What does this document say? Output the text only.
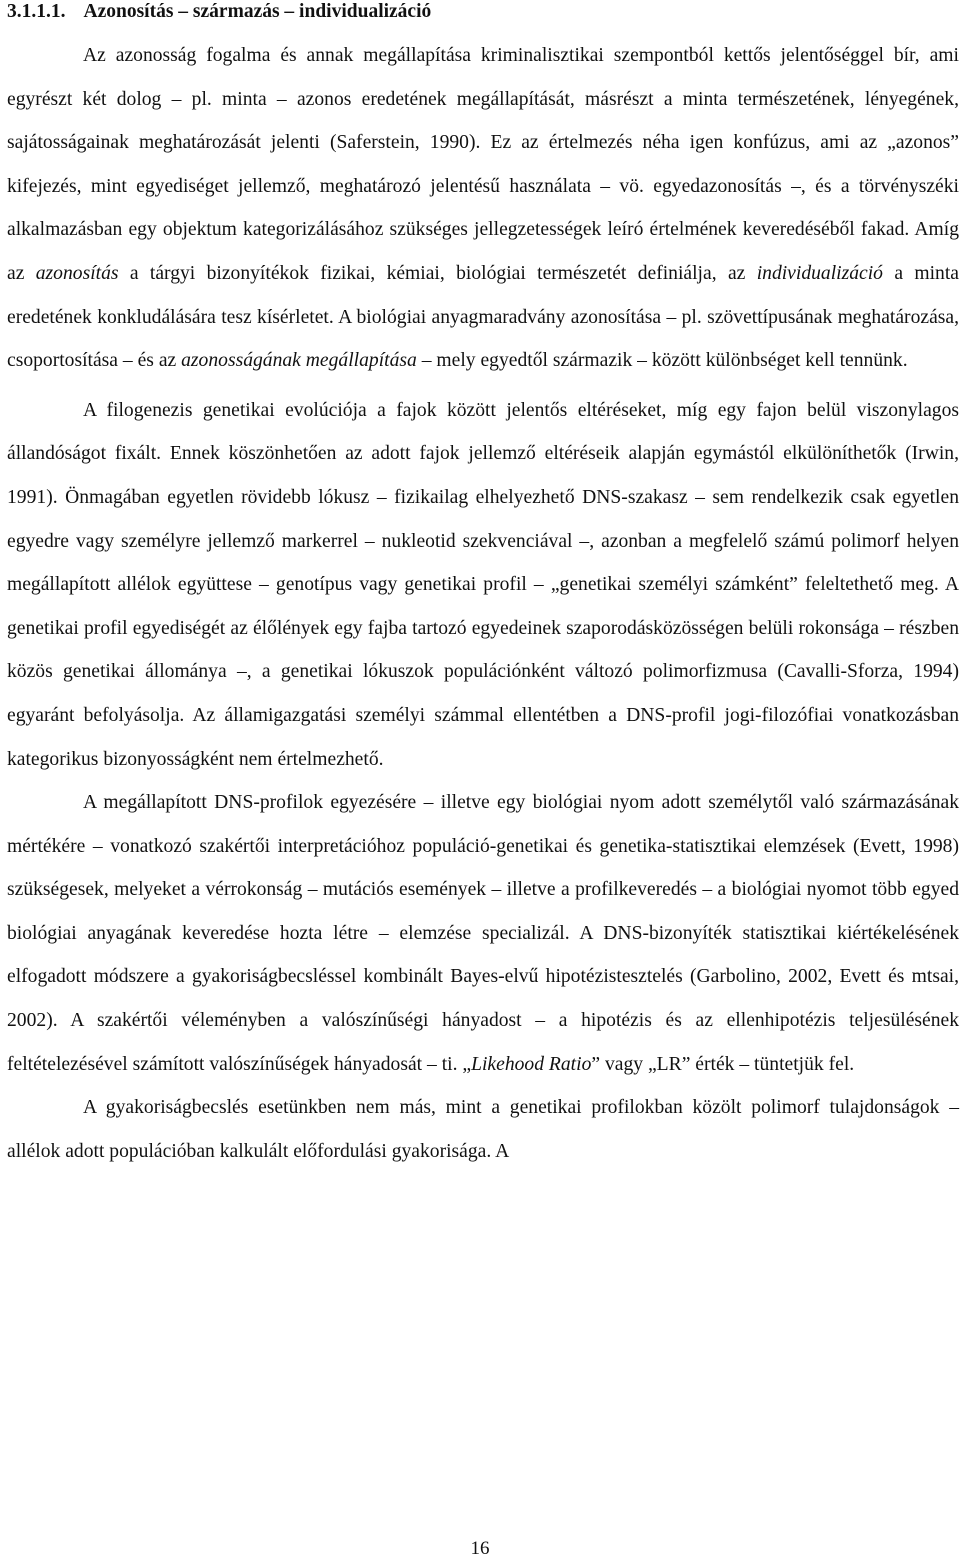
3.1.1.1. Azonosítás – származás – individualizáció

Az azonosság fogalma és annak megállapítása kriminalisztikai szempontból kettős jelentőséggel bír, ami egyrészt két dolog – pl. minta – azonos eredetének megállapítását, másrészt a minta természetének, lényegének, sajátosságainak meghatározását jelenti (Saferstein, 1990). Ez az értelmezés néha igen konfúzus, ami az „azonos” kifejezés, mint egyediséget jellemző, meghatározó jelentésű használata – vö. egyedazonosítás –, és a törvényszéki alkalmazásban egy objektum kategorizálásához szükséges jellegzetességek leíró értelmének keveredéséből fakad. Amíg az azonosítás a tárgyi bizonyítékok fizikai, kémiai, biológiai természetét definiálja, az individualizáció a minta eredetének konkludálására tesz kísérletet. A biológiai anyagmaradvány azonosítása – pl. szövettípusának meghatározása, csoportosítása – és az azonosságának megállapítása – mely egyedtől származik – között különbséget kell tennünk.

A filogenezis genetikai evolúciója a fajok között jelentős eltéréseket, míg egy fajon belül viszonylagos állandóságot fixált. Ennek köszönhetően az adott fajok jellemző eltéréseik alapján egymástól elkülöníthetők (Irwin, 1991). Önmagában egyetlen rövidebb lókusz – fizikailag elhelyezhető DNS-szakasz – sem rendelkezik csak egyetlen egyedre vagy személyre jellemző markerrel – nukleotid szekvenciával –, azonban a megfelelő számú polimorf helyen megállapított allélok együttese – genotípus vagy genetikai profil – „genetikai személyi számként” feleltethető meg. A genetikai profil egyediségét az élőlények egy fajba tartozó egyedeinek szaporodásközösségen belüli rokonsága – részben közös genetikai állománya –, a genetikai lókuszok populációnként változó polimorfizmusa (Cavalli-Sforza, 1994) egyaránt befolyásolja. Az államigazgatási személyi számmal ellentétben a DNS-profil jogi-filozófiai vonatkozásban kategorikus bizonyosságként nem értelmezhető.

A megállapított DNS-profilok egyezésére – illetve egy biológiai nyom adott személytől való származásának mértékére – vonatkozó szakértői interpretációhoz populáció-genetikai és genetika-statisztikai elemzések (Evett, 1998) szükségesek, melyeket a vérrokonság – mutációs események – illetve a profilkeveredés – a biológiai nyomot több egyed biológiai anyagának keveredése hozta létre – elemzése specializál. A DNS-bizonyíték statisztikai kiértékelésének elfogadott módszere a gyakoriságbecsléssel kombinált Bayes-elvű hipotézistesztelés (Garbolino, 2002, Evett és mtsai, 2002). A szakértői véleményben a valószínűségi hányadost – a hipotézis és az ellenhipotézis teljesülésének feltételezésével számított valószínűségek hányadosát – ti. „Likehood Ratio” vagy „LR” érték – tüntetjük fel.

A gyakoriságbecslés esetünkben nem más, mint a genetikai profilokban közölt polimorf tulajdonságok – allélok adott populációban kalkulált előfordulási gyakorisága. A

16
